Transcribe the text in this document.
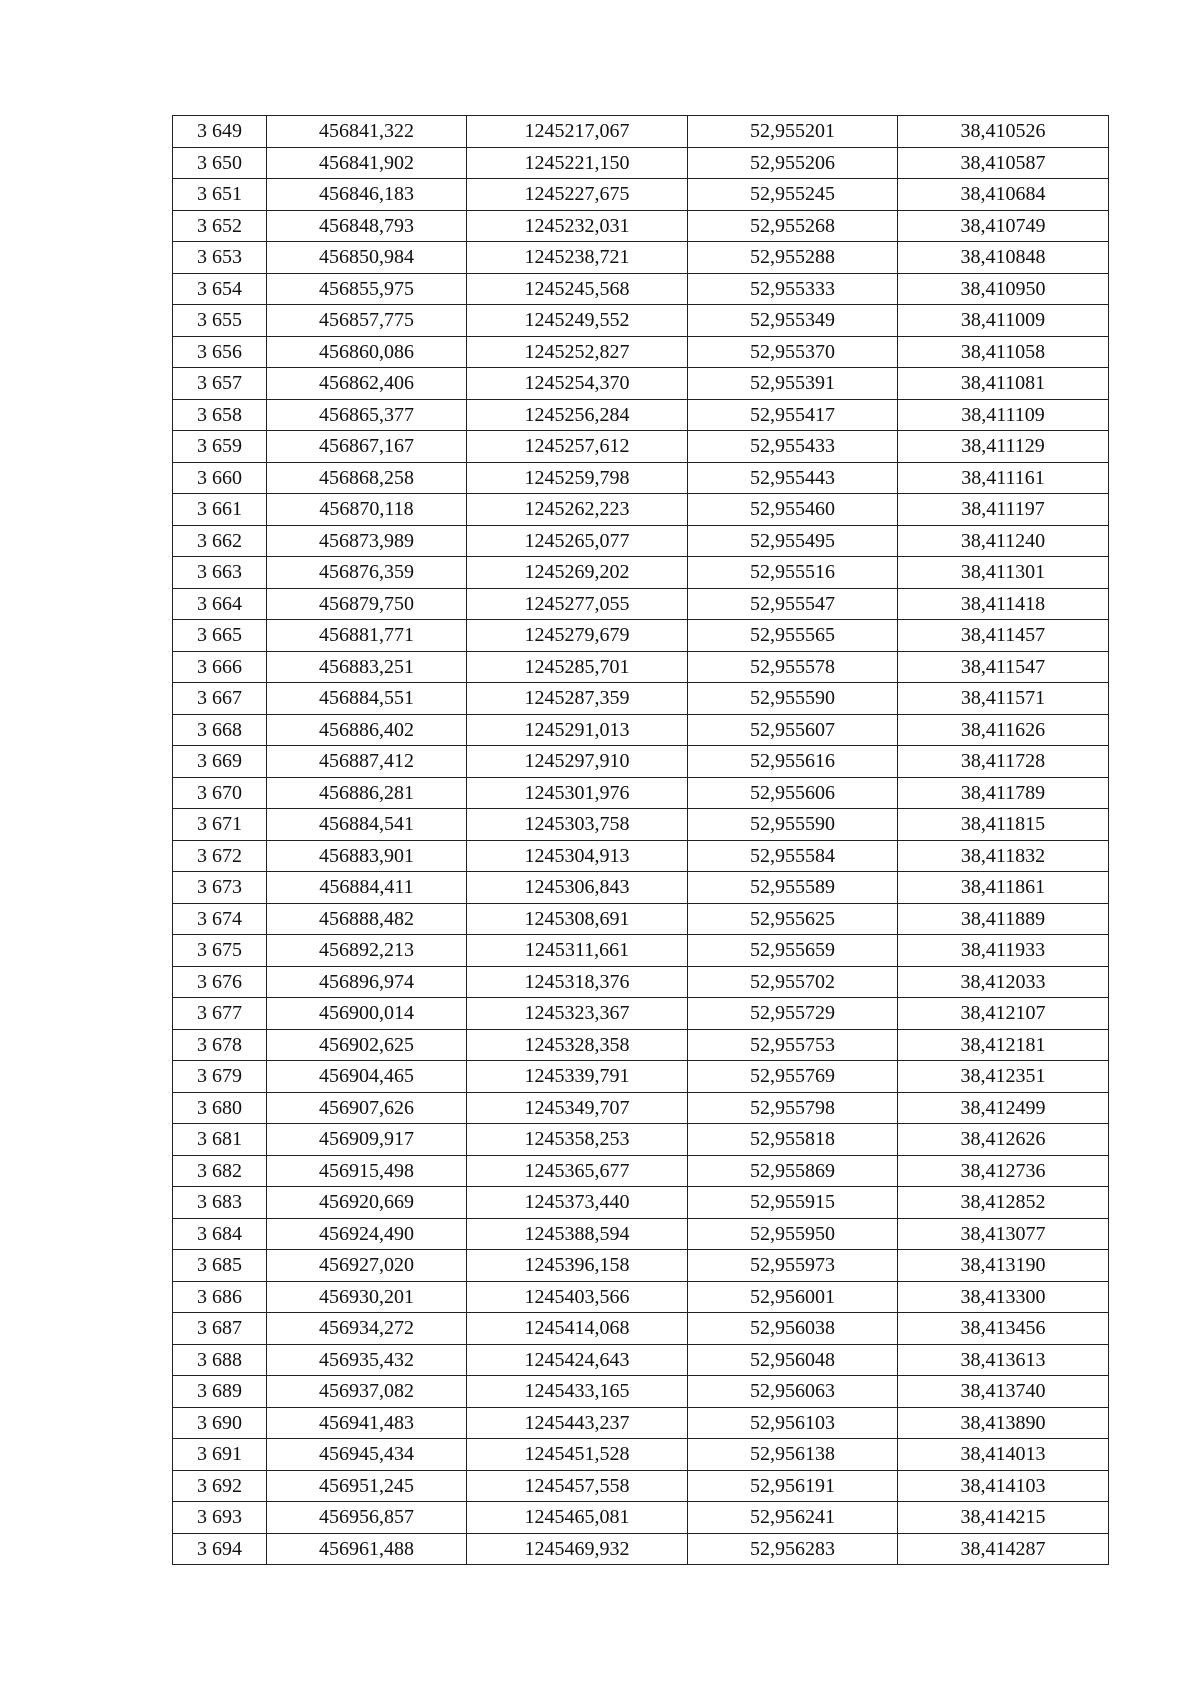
3 649	456841,322	1245217,067	52,955201	38,410526
3 650	456841,902	1245221,150	52,955206	38,410587
3 651	456846,183	1245227,675	52,955245	38,410684
3 652	456848,793	1245232,031	52,955268	38,410749
3 653	456850,984	1245238,721	52,955288	38,410848
3 654	456855,975	1245245,568	52,955333	38,410950
3 655	456857,775	1245249,552	52,955349	38,411009
3 656	456860,086	1245252,827	52,955370	38,411058
3 657	456862,406	1245254,370	52,955391	38,411081
3 658	456865,377	1245256,284	52,955417	38,411109
3 659	456867,167	1245257,612	52,955433	38,411129
3 660	456868,258	1245259,798	52,955443	38,411161
3 661	456870,118	1245262,223	52,955460	38,411197
3 662	456873,989	1245265,077	52,955495	38,411240
3 663	456876,359	1245269,202	52,955516	38,411301
3 664	456879,750	1245277,055	52,955547	38,411418
3 665	456881,771	1245279,679	52,955565	38,411457
3 666	456883,251	1245285,701	52,955578	38,411547
3 667	456884,551	1245287,359	52,955590	38,411571
3 668	456886,402	1245291,013	52,955607	38,411626
3 669	456887,412	1245297,910	52,955616	38,411728
3 670	456886,281	1245301,976	52,955606	38,411789
3 671	456884,541	1245303,758	52,955590	38,411815
3 672	456883,901	1245304,913	52,955584	38,411832
3 673	456884,411	1245306,843	52,955589	38,411861
3 674	456888,482	1245308,691	52,955625	38,411889
3 675	456892,213	1245311,661	52,955659	38,411933
3 676	456896,974	1245318,376	52,955702	38,412033
3 677	456900,014	1245323,367	52,955729	38,412107
3 678	456902,625	1245328,358	52,955753	38,412181
3 679	456904,465	1245339,791	52,955769	38,412351
3 680	456907,626	1245349,707	52,955798	38,412499
3 681	456909,917	1245358,253	52,955818	38,412626
3 682	456915,498	1245365,677	52,955869	38,412736
3 683	456920,669	1245373,440	52,955915	38,412852
3 684	456924,490	1245388,594	52,955950	38,413077
3 685	456927,020	1245396,158	52,955973	38,413190
3 686	456930,201	1245403,566	52,956001	38,413300
3 687	456934,272	1245414,068	52,956038	38,413456
3 688	456935,432	1245424,643	52,956048	38,413613
3 689	456937,082	1245433,165	52,956063	38,413740
3 690	456941,483	1245443,237	52,956103	38,413890
3 691	456945,434	1245451,528	52,956138	38,414013
3 692	456951,245	1245457,558	52,956191	38,414103
3 693	456956,857	1245465,081	52,956241	38,414215
3 694	456961,488	1245469,932	52,956283	38,414287
